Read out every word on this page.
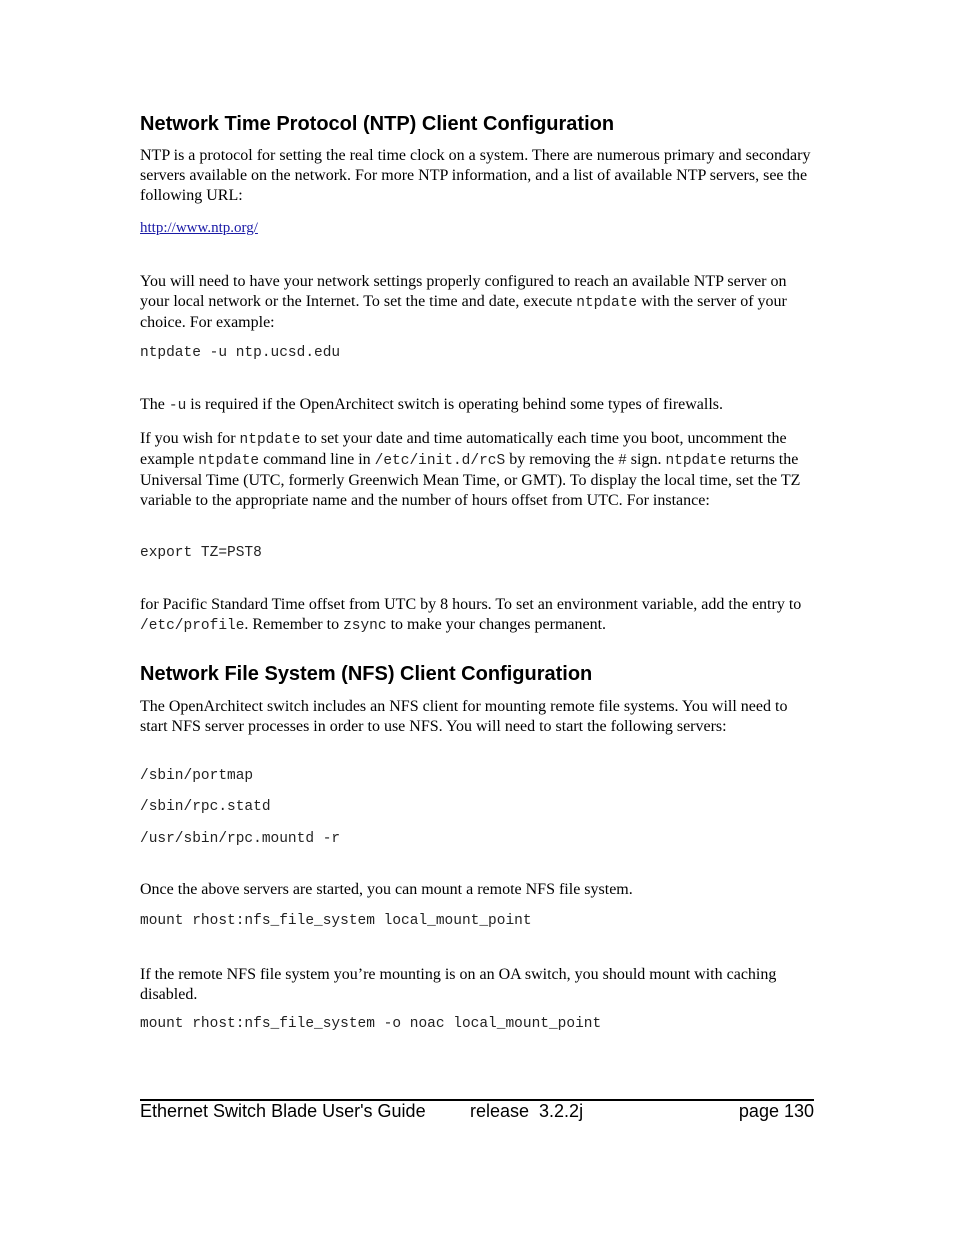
Network Time Protocol (NTP) Client Configuration

NTP is a protocol for setting the real time clock on a system. There are numerous primary and secondary servers available on the network. For more NTP information, and a list of available NTP servers, see the following URL:

http://www.ntp.org/

You will need to have your network settings properly configured to reach an available NTP server on your local network or the Internet. To set the time and date, execute ntpdate with the server of your choice. For example:

ntpdate -u ntp.ucsd.edu

The -u is required if the OpenArchitect switch is operating behind some types of firewalls.

If you wish for ntpdate to set your date and time automatically each time you boot, uncomment the example ntpdate command line in /etc/init.d/rcS by removing the # sign. ntpdate returns the Universal Time (UTC, formerly Greenwich Mean Time, or GMT). To display the local time, set the TZ variable to the appropriate name and the number of hours offset from UTC. For instance:

export TZ=PST8

for Pacific Standard Time offset from UTC by 8 hours. To set an environment variable, add the entry to /etc/profile. Remember to zsync to make your changes permanent.

Network File System (NFS) Client Configuration

The OpenArchitect switch includes an NFS client for mounting remote file systems. You will need to start NFS server processes in order to use NFS. You will need to start the following servers:

/sbin/portmap
/sbin/rpc.statd
/usr/sbin/rpc.mountd -r

Once the above servers are started, you can mount a remote NFS file system.

mount rhost:nfs_file_system local_mount_point

If the remote NFS file system you’re mounting is on an OA switch, you should mount with caching disabled.

mount rhost:nfs_file_system -o noac local_mount_point
Ethernet Switch Blade User's Guide release  3.2.2j	page 130
